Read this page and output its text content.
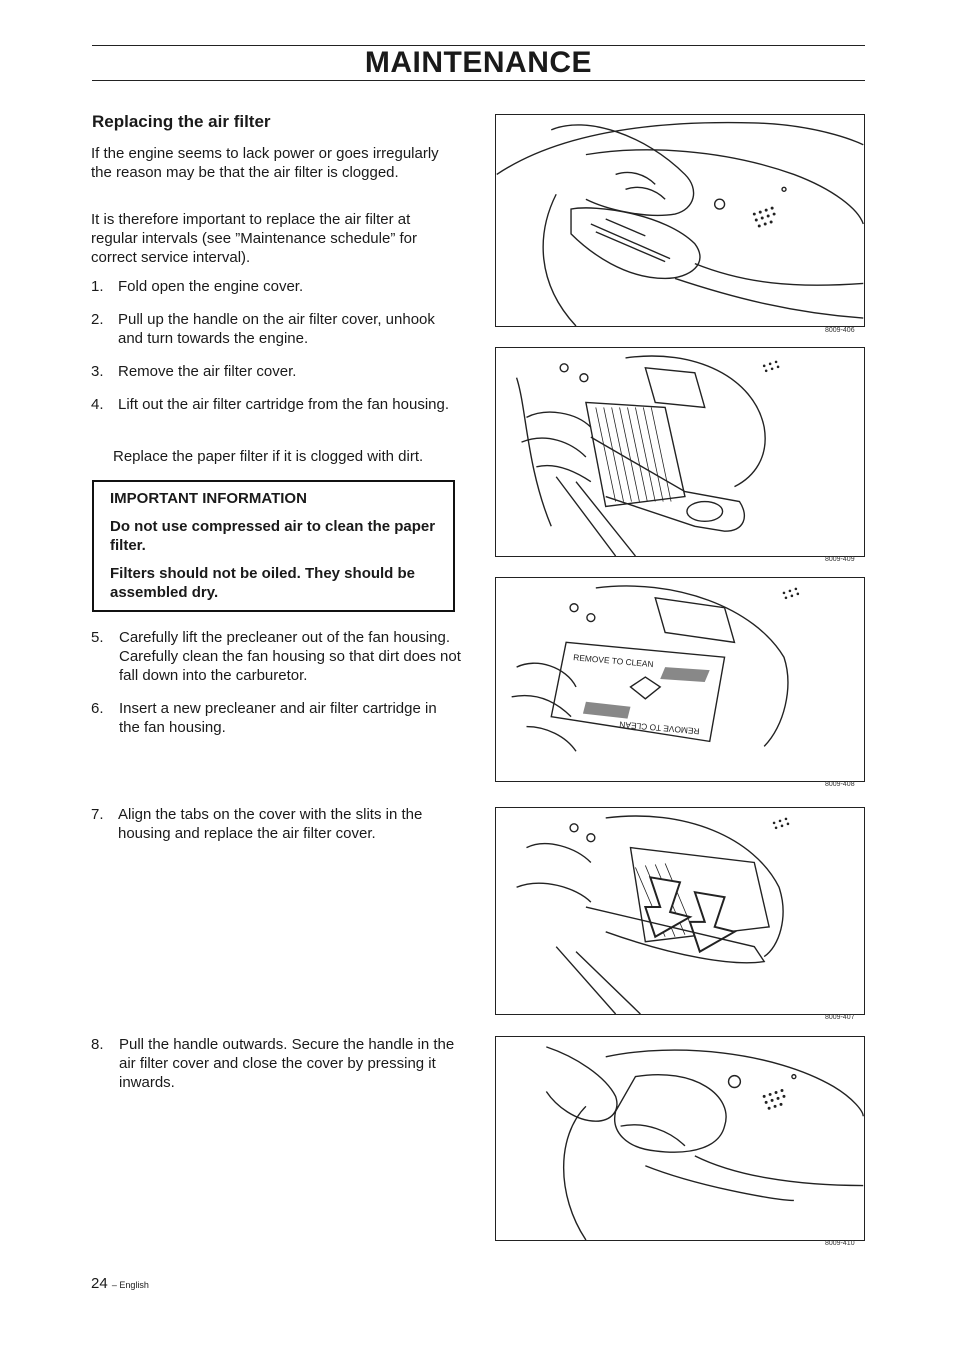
MAINTENANCE
Replacing the air filter
If the engine seems to lack power or goes irregularly the reason may be that the air filter is clogged.
It is therefore important to replace the air filter at regular intervals (see ”Maintenance schedule” for correct service interval).
1. Fold open the engine cover.
2. Pull up the handle on the air filter cover, unhook and turn towards the engine.
3. Remove the air filter cover.
4. Lift out the air filter cartridge from the fan housing.
Replace the paper filter if it is clogged with dirt.
IMPORTANT INFORMATION
Do not use compressed air to clean the paper filter.
Filters should not be oiled. They should be assembled dry.
5. Carefully lift the precleaner out of the fan housing. Carefully clean the fan housing so that dirt does not fall down into the carburetor.
6. Insert a new precleaner and air filter cartridge in the fan housing.
7. Align the tabs on the cover with the slits in the housing and replace the air filter cover.
8. Pull the handle outwards. Secure the handle in the air filter cover and close the cover by pressing it inwards.
8009-406
8009-409
REMOVE TO CLEAN
REMOVE TO CLEAN
8009-408
8009-407
8009-410
24 – English
